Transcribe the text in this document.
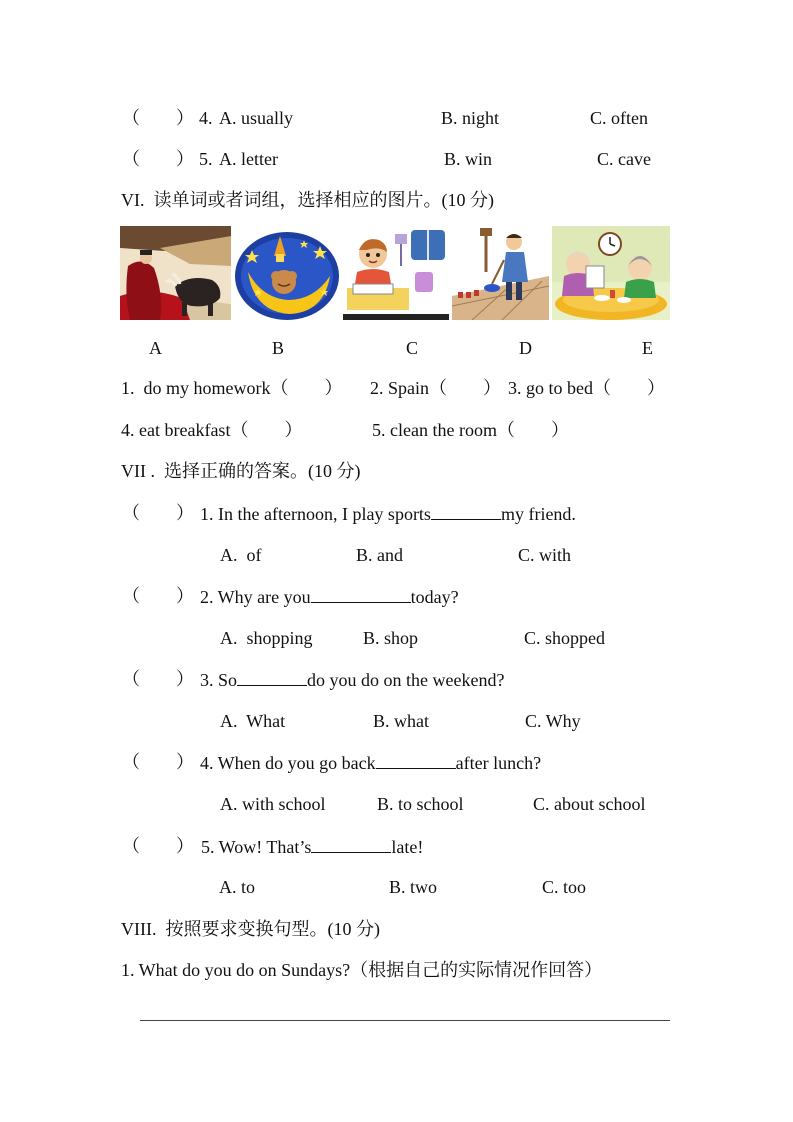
（　　） 4. A. usually	B. night	C. often
（　　） 5. A. letter	B. win	C. cave
VI.  读单词或者词组，选择相应的图片。(10 分)
A	B	C	D	E
1.  do my homework（　　） 2. Spain（　　） 3. go to bed（　　）
4. eat breakfast（　　）	5. clean the room（　　）
VII .  选择正确的答案。(10 分)
（　　） 1. In the afternoon, I play sports	my friend.
A.  of	B. and	C. with
（　　） 2. Why are you	today?
A.  shopping	B. shop	C. shopped
（　　） 3. So	do you do on the weekend?
A.  What	B. what	C. Why
（　　） 4. When do you go back	after lunch?
A. with school	B. to school	C. about school
（　　） 5. Wow! That’s	late!
A. to	B. two	C. too
VIII.  按照要求变换句型。(10 分)
1. What do you do on Sundays?（根据自己的实际情况作回答）
